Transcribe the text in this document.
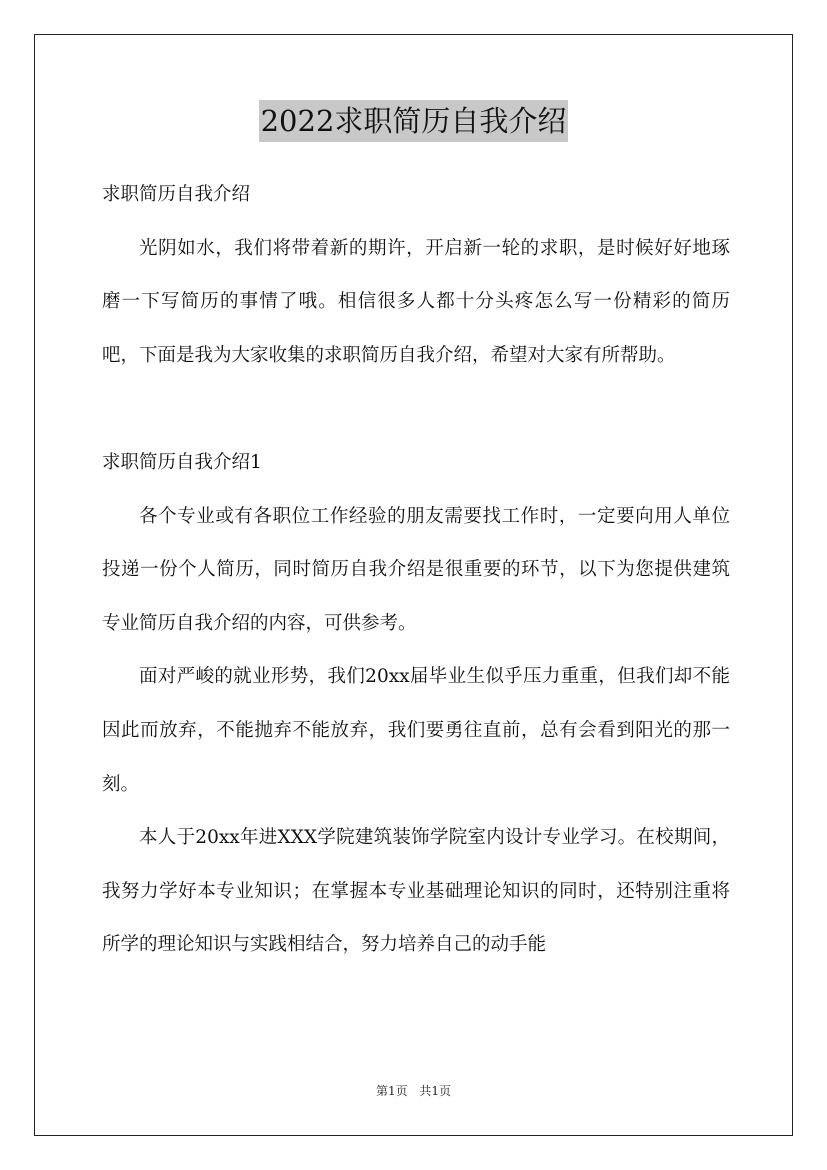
2022求职简历自我介绍

求职简历自我介绍

光阴如水，我们将带着新的期许，开启新一轮的求职，是时候好好地琢磨一下写简历的事情了哦。相信很多人都十分头疼怎么写一份精彩的简历吧，下面是我为大家收集的求职简历自我介绍，希望对大家有所帮助。

求职简历自我介绍1

各个专业或有各职位工作经验的朋友需要找工作时，一定要向用人单位投递一份个人简历，同时简历自我介绍是很重要的环节，以下为您提供建筑专业简历自我介绍的内容，可供参考。

面对严峻的就业形势，我们20xx届毕业生似乎压力重重，但我们却不能因此而放弃，不能抛弃不能放弃，我们要勇往直前，总有会看到阳光的那一刻。

本人于20xx年进XXX学院建筑装饰学院室内设计专业学习。在校期间，我努力学好本专业知识；在掌握本专业基础理论知识的同时，还特别注重将所学的理论知识与实践相结合，努力培养自己的动手能

第1页 共1页
